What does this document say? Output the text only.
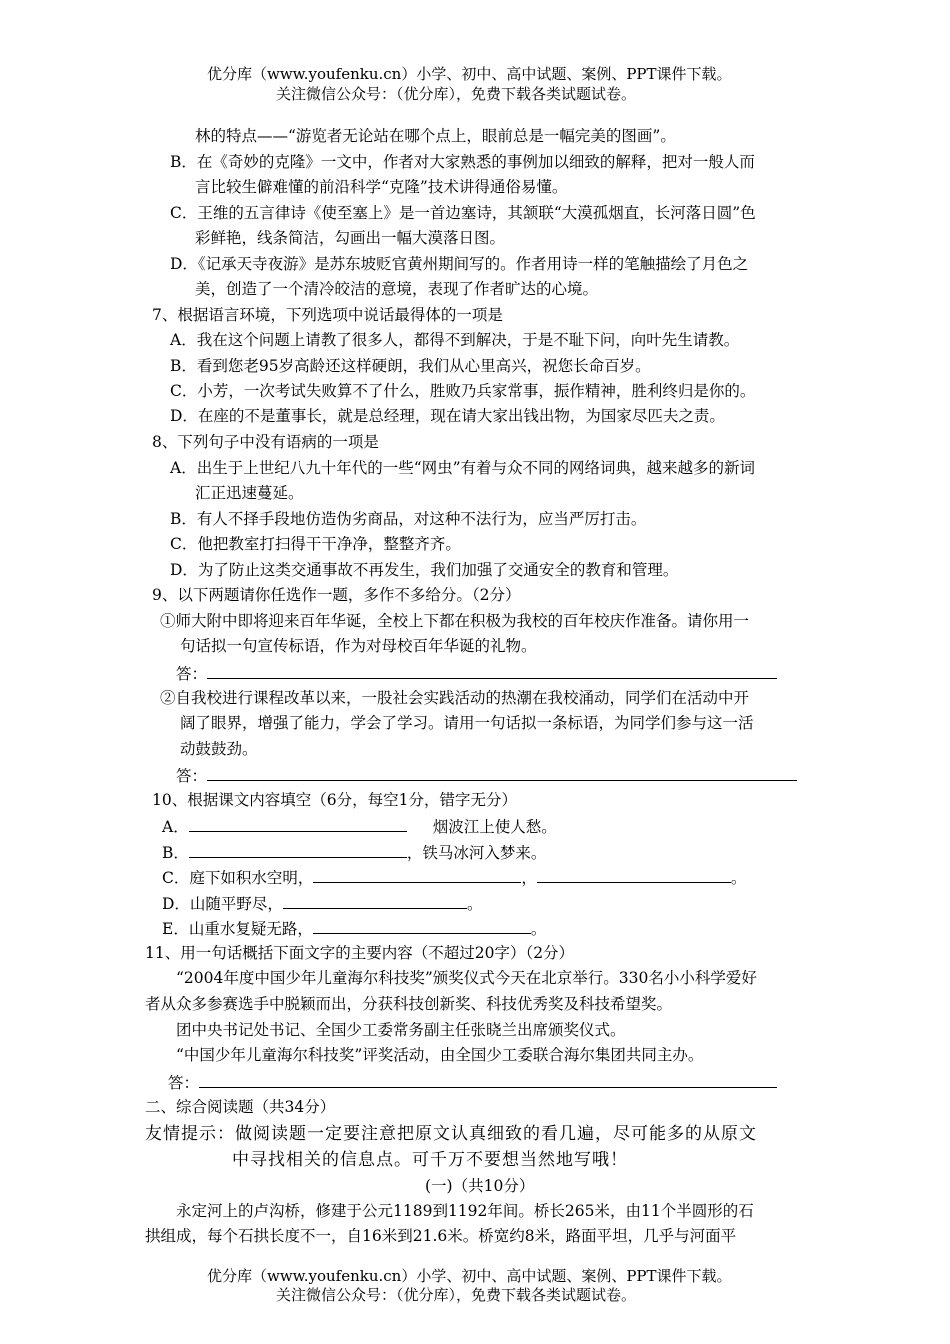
优分库（www.youfenku.cn）小学、初中、高中试题、案例、PPT课件下载。
关注微信公众号：（优分库），免费下载各类试题试卷。
林的特点——“游览者无论站在哪个点上，眼前总是一幅完美的图画”。
B．在《奇妙的克隆》一文中，作者对大家熟悉的事例加以细致的解释，把对一般人而
言比较生僻难懂的前沿科学“克隆”技术讲得通俗易懂。
C．王维的五言律诗《使至塞上》是一首边塞诗，其颔联“大漠孤烟直，长河落日圆”色
彩鲜艳，线条简洁，勾画出一幅大漠落日图。
D．《记承天寺夜游》是苏东坡贬官黄州期间写的。作者用诗一样的笔触描绘了月色之
美，创造了一个清冷皎洁的意境，表现了作者旷达的心境。
7、根据语言环境，下列选项中说话最得体的一项是
A．我在这个问题上请教了很多人，都得不到解决，于是不耻下问，向叶先生请教。
B．看到您老95岁高龄还这样硬朗，我们从心里高兴，祝您长命百岁。
C．小芳，一次考试失败算不了什么，胜败乃兵家常事，振作精神，胜利终归是你的。
D．在座的不是董事长，就是总经理，现在请大家出钱出物，为国家尽匹夫之责。
8、下列句子中没有语病的一项是
A．出生于上世纪八九十年代的一些“网虫”有着与众不同的网络词典，越来越多的新词
汇正迅速蔓延。
B．有人不择手段地仿造伪劣商品，对这种不法行为，应当严厉打击。
C．他把教室打扫得干干净净，整整齐齐。
D．为了防止这类交通事故不再发生，我们加强了交通安全的教育和管理。
9、以下两题请你任选作一题，多作不多给分。（2分）
①师大附中即将迎来百年华诞，全校上下都在积极为我校的百年校庆作准备。请你用一
句话拟一句宣传标语，作为对母校百年华诞的礼物。
答：
②自我校进行课程改革以来，一股社会实践活动的热潮在我校涌动，同学们在活动中开
阔了眼界，增强了能力，学会了学习。请用一句话拟一条标语，为同学们参与这一活
动鼓鼓劲。
答：
10、根据课文内容填空（6分，每空1分，错字无分）
A．	烟波江上使人愁。
B．	，铁马冰河入梦来。
C．庭下如积水空明，	，	。
D．山随平野尽，	。
E．山重水复疑无路，	。
11、用一句话概括下面文字的主要内容（不超过20字）（2分）
“2004年度中国少年儿童海尔科技奖”颁奖仪式今天在北京举行。330名小小科学爱好
者从众多参赛选手中脱颖而出，分获科技创新奖、科技优秀奖及科技希望奖。
团中央书记处书记、全国少工委常务副主任张晓兰出席颁奖仪式。
“中国少年儿童海尔科技奖”评奖活动，由全国少工委联合海尔集团共同主办。
答：
二、综合阅读题（共34分）
友情提示：做阅读题一定要注意把原文认真细致的看几遍，尽可能多的从原文
中寻找相关的信息点。可千万不要想当然地写哦！
(一)（共10分）
永定河上的卢沟桥，修建于公元1189到1192年间。桥长265米，由11个半圆形的石
拱组成，每个石拱长度不一，自16米到21.6米。桥宽约8米，路面平坦，几乎与河面平
优分库（www.youfenku.cn）小学、初中、高中试题、案例、PPT课件下载。
关注微信公众号：（优分库），免费下载各类试题试卷。
